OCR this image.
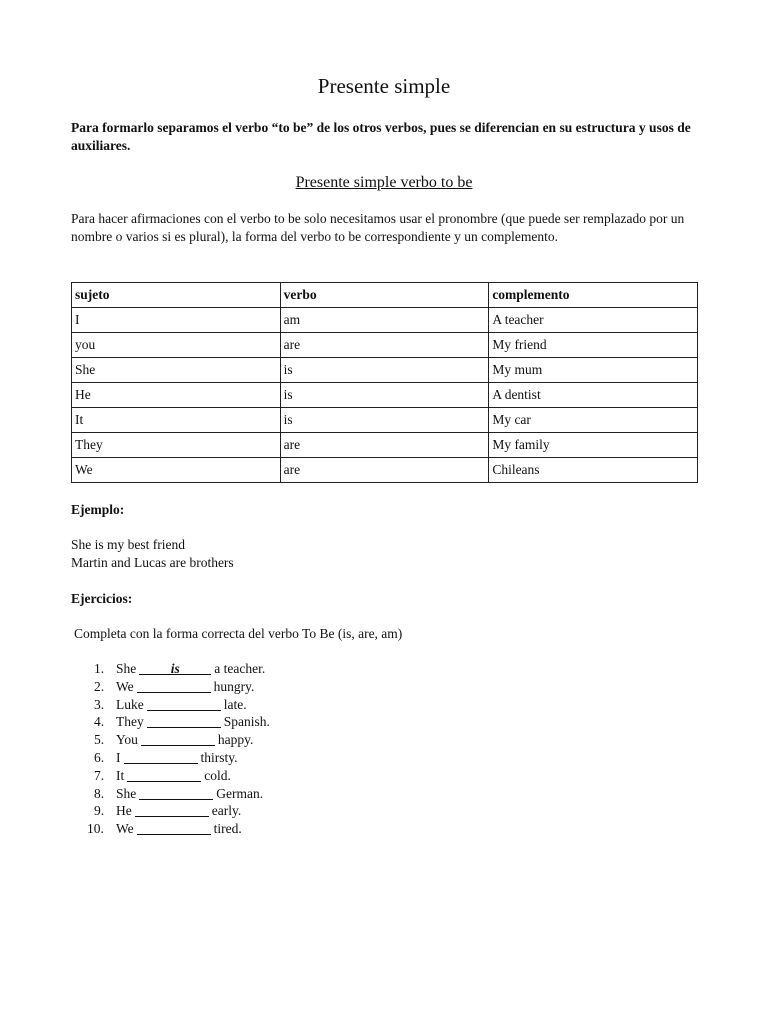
Presente simple
Para formarlo separamos el verbo “to be” de los otros verbos, pues se diferencian en su estructura y usos de auxiliares.
Presente simple verbo to be
Para hacer afirmaciones con el verbo to be solo necesitamos usar el pronombre (que puede ser remplazado por un nombre o varios si es plural), la forma del verbo to be correspondiente y un complemento.
sujeto	verbo	complemento
I	am	A teacher
you	are	My friend
She	is	My mum
He	is	A dentist
It	is	My car
They	are	My family
We	are	Chileans
Ejemplo:
She is my best friend
Martin and Lucas are brothers
Ejercicios:
Completa con la forma correcta del verbo To Be (is, are, am)
1. She	is	a teacher.
2. We	hungry.
3. Luke	late.
4. They	Spanish.
5. You	happy.
6. I	thirsty.
7. It	cold.
8. She	German.
9. He	early.
10. We	tired.
